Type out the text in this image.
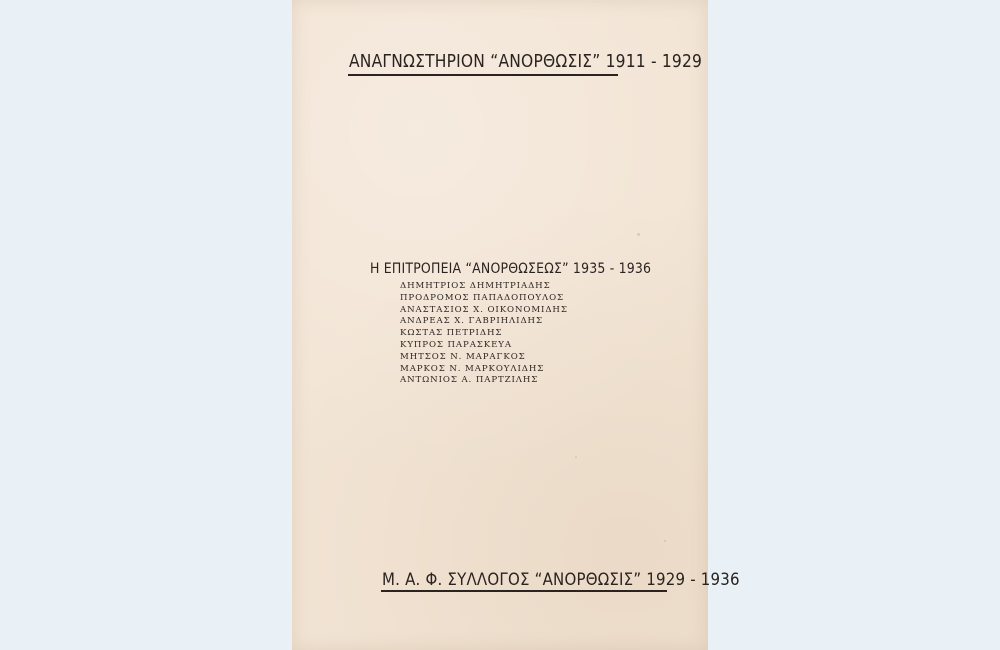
ΑΝΑΓΝΩΣΤΗΡΙΟΝ “ΑΝΟΡΘΩΣΙΣ” 1911 - 1929
Η ΕΠΙΤΡΟΠΕΙΑ “ΑΝΟΡΘΩΣΕΩΣ” 1935 - 1936
ΔΗΜΗΤΡΙΟΣ ΔΗΜΗΤΡΙΑΔΗΣ
ΠΡΟΔΡΟΜΟΣ ΠΑΠΑΔΟΠΟΥΛΟΣ
ΑΝΑΣΤΑΣΙΟΣ Χ. ΟΙΚΟΝΟΜΙΔΗΣ
ΑΝΔΡΕΑΣ Χ. ΓΑΒΡΙΗΛΙΔΗΣ
ΚΩΣΤΑΣ ΠΕΤΡΙΔΗΣ
ΚΥΠΡΟΣ ΠΑΡΑΣΚΕΥΑ
ΜΗΤΣΟΣ Ν. ΜΑΡΑΓΚΟΣ
ΜΑΡΚΟΣ Ν. ΜΑΡΚΟΥΛΙΔΗΣ
ΑΝΤΩΝΙΟΣ Α. ΠΑΡΤΖΙΛΗΣ
Μ. Α. Φ. ΣΥΛΛΟΓΟΣ “ΑΝΟΡΘΩΣΙΣ” 1929 - 1936
